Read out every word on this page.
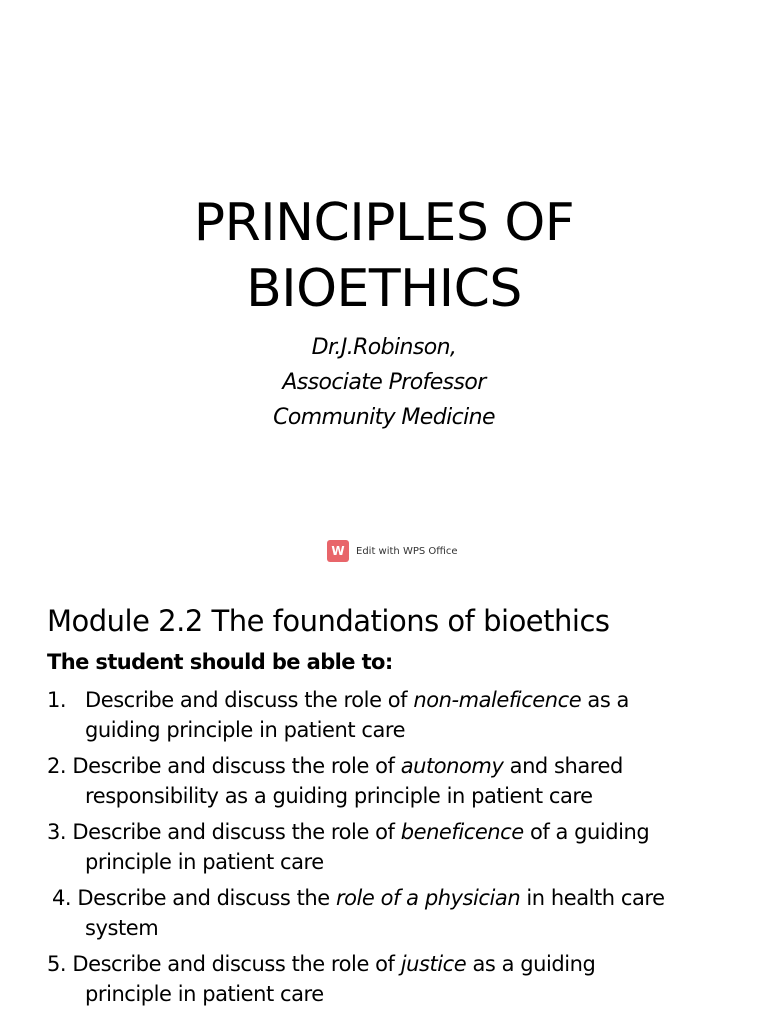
PRINCIPLES OF
BIOETHICS
Dr.J.Robinson,
Associate Professor
Community Medicine
W	Edit with WPS Office
Module 2.2 The foundations of bioethics
The student should be able to:
1. Describe and discuss the role of non-maleficence as a
guiding principle in patient care
2. Describe and discuss the role of autonomy and shared
responsibility as a guiding principle in patient care
3. Describe and discuss the role of beneficence of a guiding
principle in patient care
4. Describe and discuss the role of a physician in health care
system
5. Describe and discuss the role of justice as a guiding
principle in patient care
